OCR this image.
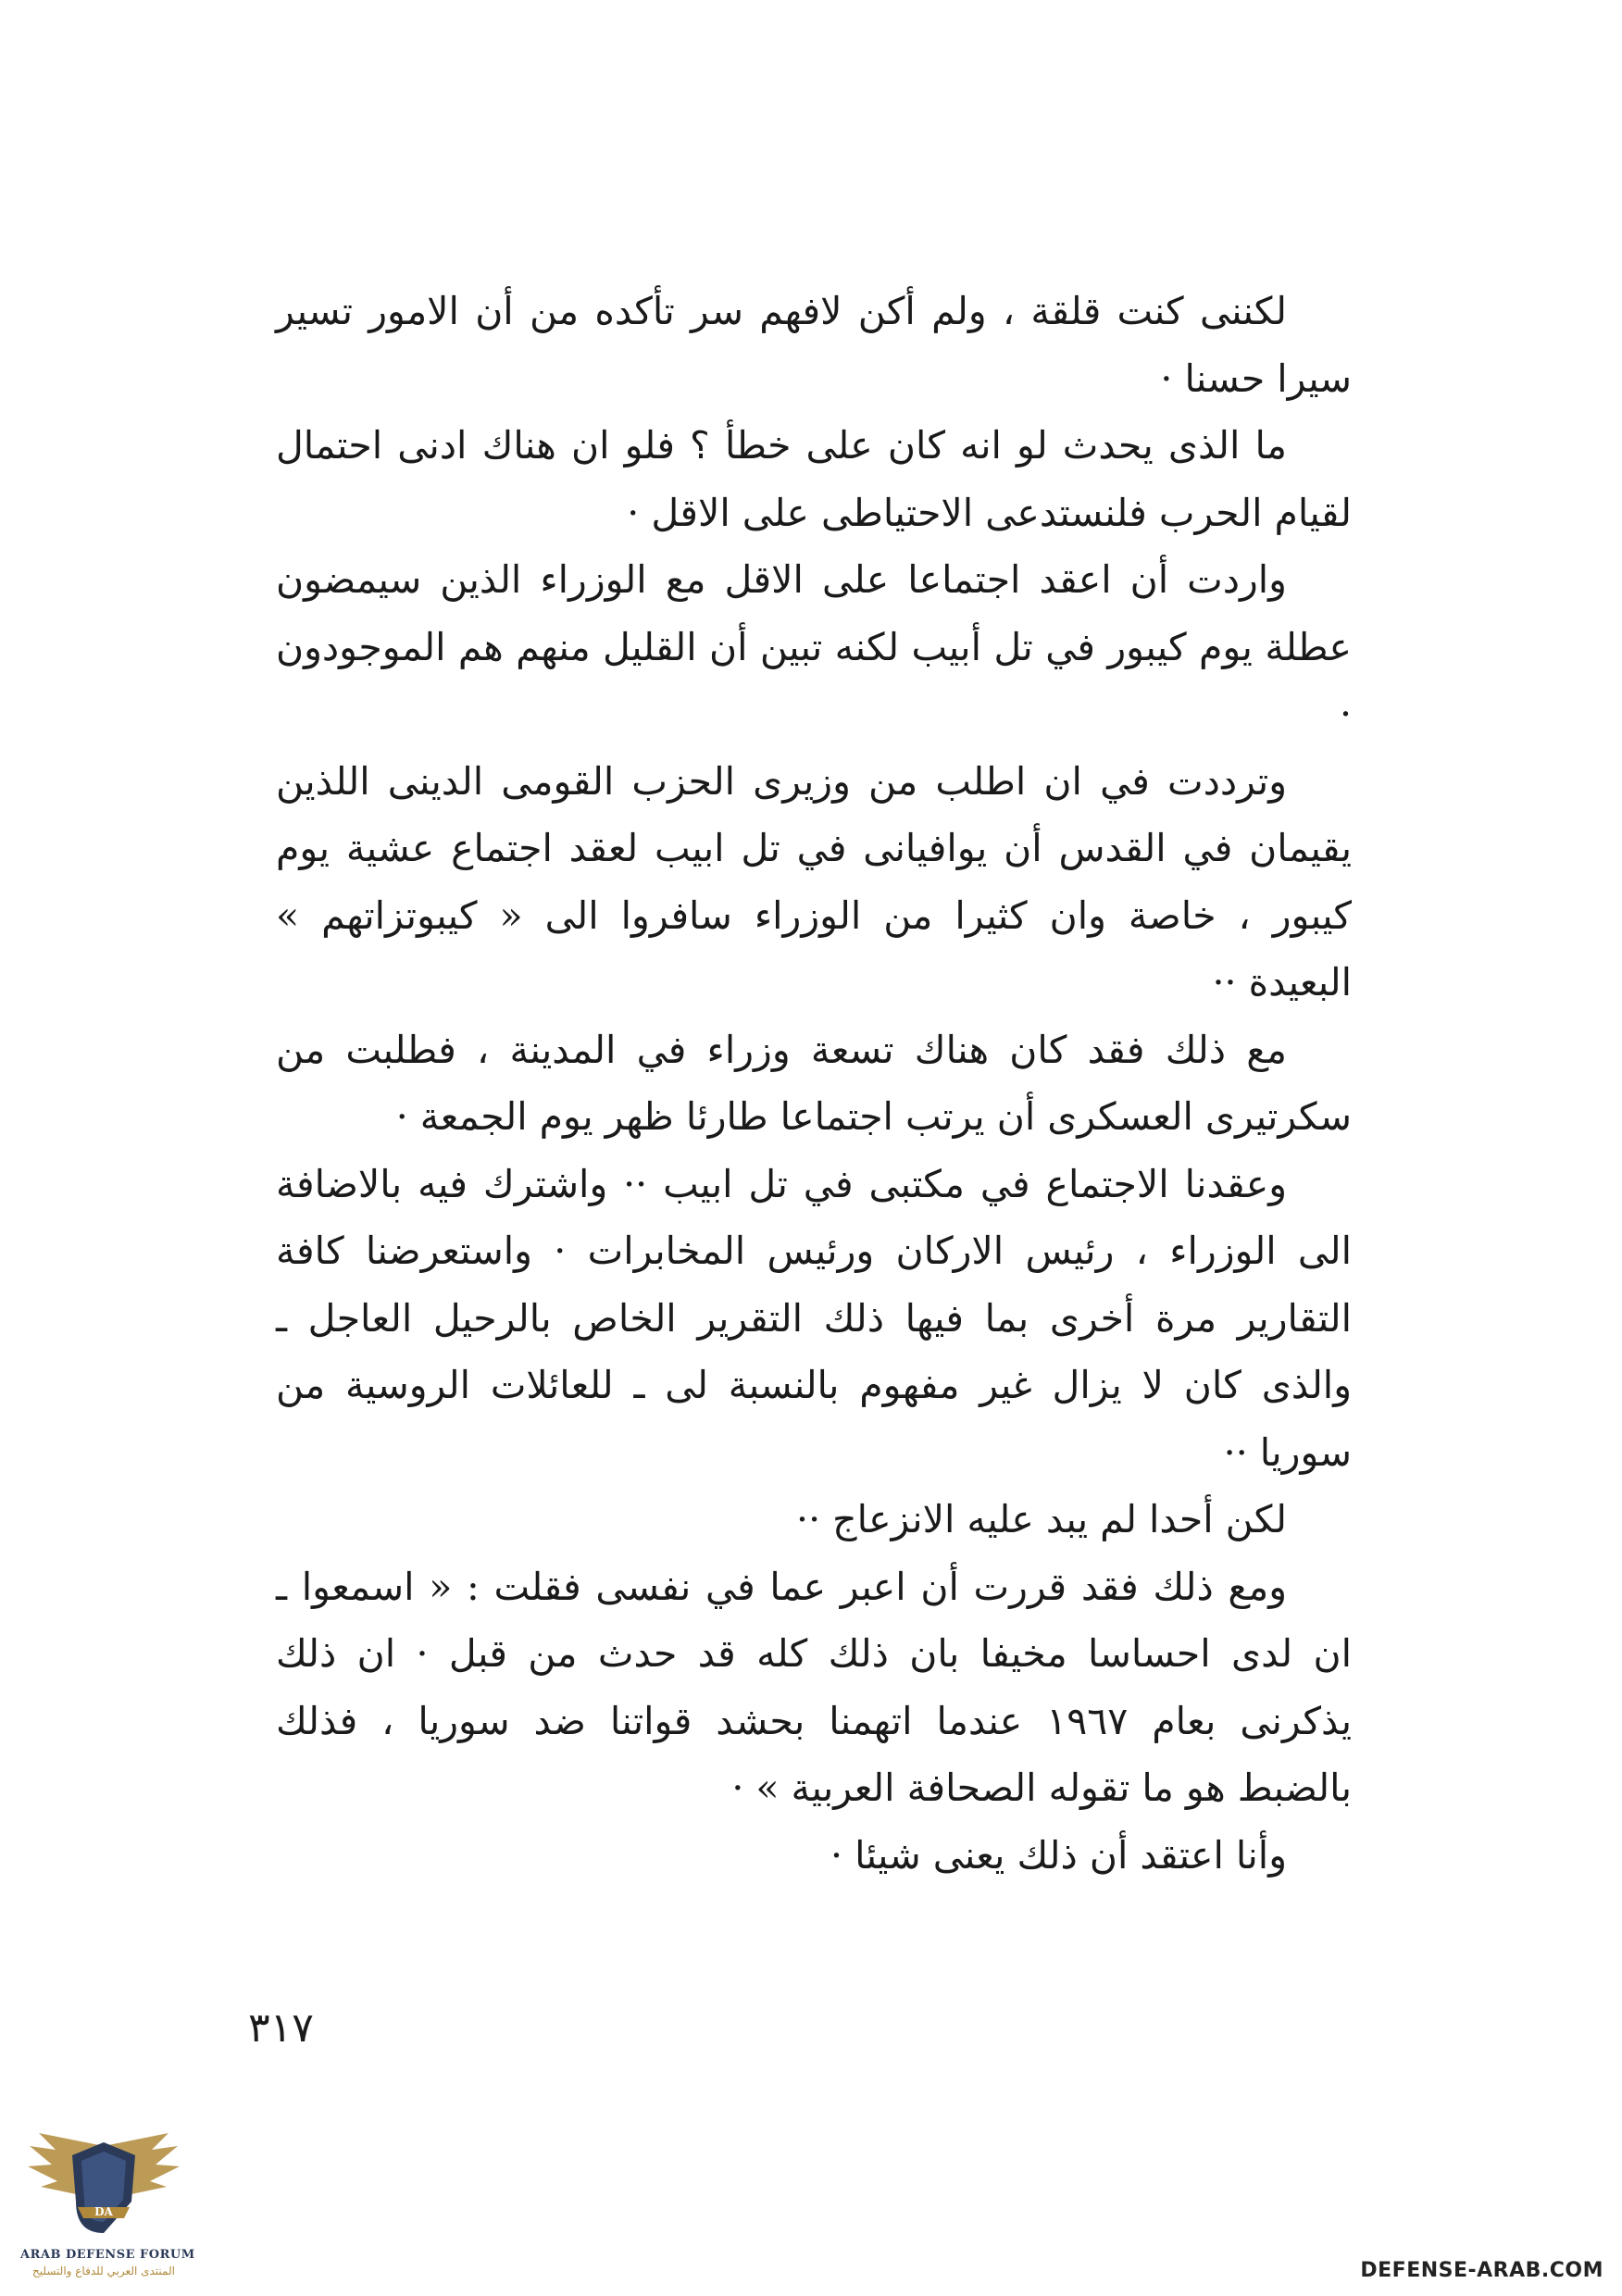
لكننى كنت قلقة ، ولم أكن لافهم سر تأكده من أن الامور تسير سيرا حسنا ·

ما الذى يحدث لو انه كان على خطأ ؟ فلو ان هناك ادنى احتمال لقيام الحرب فلنستدعى الاحتياطى على الاقل ·

واردت أن اعقد اجتماعا على الاقل مع الوزراء الذين سيمضون عطلة يوم كيبور في تل أبيب لكنه تبين أن القليل منهم هم الموجودون ·

وترددت في ان اطلب من وزيرى الحزب القومى الدينى اللذين يقيمان في القدس أن يوافيانى في تل ابيب لعقد اجتماع عشية يوم كيبور ، خاصة وان كثيرا من الوزراء سافروا الى « كيبوتزاتهم » البعيدة ··

مع ذلك فقد كان هناك تسعة وزراء في المدينة ، فطلبت من سكرتيرى العسكرى أن يرتب اجتماعا طارئا ظهر يوم الجمعة ·

وعقدنا الاجتماع في مكتبى في تل ابيب ·· واشترك فيه بالاضافة الى الوزراء ، رئيس الاركان ورئيس المخابرات · واستعرضنا كافة التقارير مرة أخرى بما فيها ذلك التقرير الخاص بالرحيل العاجل ـ والذى كان لا يزال غير مفهوم بالنسبة لى ـ للعائلات الروسية من سوريا ··

لكن أحدا لم يبد عليه الانزعاج ··

ومع ذلك فقد قررت أن اعبر عما في نفسى فقلت : « اسمعوا ـ ان لدى احساسا مخيفا بان ذلك كله قد حدث من قبل · ان ذلك يذكرنى بعام ١٩٦٧ عندما اتهمنا بحشد قواتنا ضد سوريا ، فذلك بالضبط هو ما تقوله الصحافة العربية » ·

وأنا اعتقد أن ذلك يعنى شيئا ·

٣١٧
DA
ARAB DEFENSE FORUM
المنتدى العربي للدفاع والتسليح	DEFENSE-ARAB.COM
